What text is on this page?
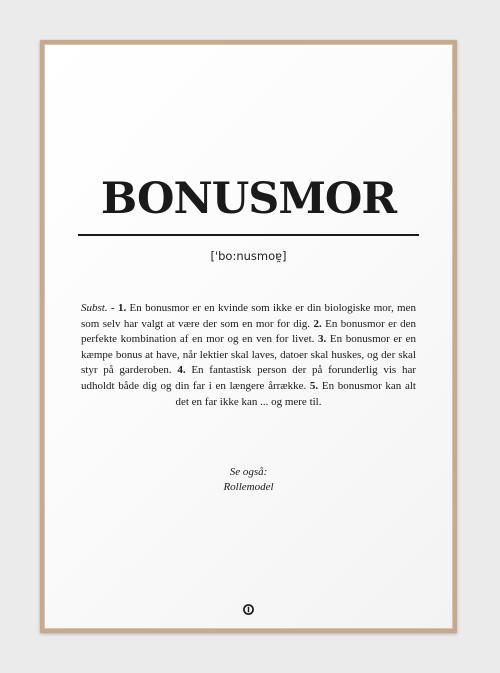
BONUSMOR
['bo:nusmoɐ̯]
Subst. - 1. En bonusmor er en kvinde som ikke er din biologiske mor, men som selv har valgt at være der som en mor for dig. 2. En bonusmor er den perfekte kombination af en mor og en ven for livet. 3. En bonusmor er en kæmpe bonus at have, når lektier skal laves, datoer skal huskes, og der skal styr på garderoben. 4. En fantastisk person der på forunderlig vis har udholdt både dig og din far i en længere årrække. 5. En bonusmor kan alt det en far ikke kan ... og mere til.
Se også:
Rollemodel
